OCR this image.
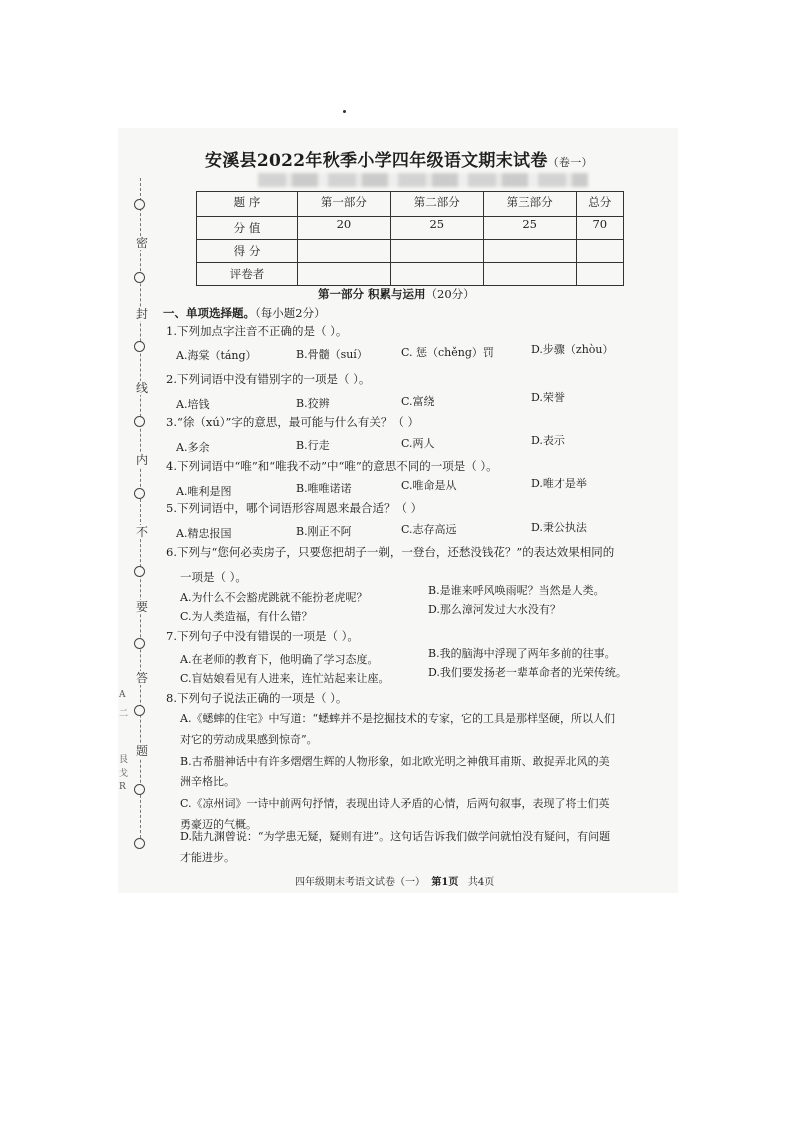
密
封
线
内
不
要
答
题
A
二
艮
戈
R
安溪县2022年秋季小学四年级语文期末试卷（卷一）
题 序	第一部分	第二部分	第三部分	总分
分 值	20	25	25	70
得 分				
评卷者				
第一部分 积累与运用（20分）
一、单项选择题。（每小题2分）
1.下列加点字注音不正确的是（ ）。
A.海棠（táng）	B.骨髓（suí）	C. 惩（chěng）罚	D.步骤（zhòu）
2.下列词语中没有错别字的一项是（ ）。
A.培钱	B.狡辨	C.富绕	D.荣誉
3.“徐（xú）”字的意思，最可能与什么有关？（ ）
A.多余	B.行走	C.两人	D.表示
4.下列词语中“唯”和“唯我不动”中“唯”的意思不同的一项是（ ）。
A.唯利是图	B.唯唯诺诺	C.唯命是从	D.唯才是举
5.下列词语中，哪个词语形容周恩来最合适？（ ）
A.精忠报国	B.刚正不阿	C.志存高远	D.秉公执法
6.下列与“您何必卖房子，只要您把胡子一剃，一登台，还愁没钱花？”的表达效果相同的
一项是（ ）。
A.为什么不会豁虎跳就不能扮老虎呢？
B.是谁来呼风唤雨呢？当然是人类。
C.为人类造福，有什么错？
D.那么漳河发过大水没有？
7.下列句子中没有错误的一项是（ ）。
A.在老师的教育下，他明确了学习态度。	B.我的脑海中浮现了两年多前的往事。
C.盲姑娘看见有人进来，连忙站起来让座。	D.我们要发扬老一辈革命者的光荣传统。
8.下列句子说法正确的一项是（ ）。
A.《蟋蟀的住宅》中写道：“蟋蟀并不是挖掘技术的专家，它的工具是那样坚硬，所以人们
对它的劳动成果感到惊奇”。
B.古希腊神话中有许多熠熠生辉的人物形象，如北欧光明之神俄耳甫斯、敢捉弄北风的美
洲辛格比。
C.《凉州词》一诗中前两句抒情，表现出诗人矛盾的心情，后两句叙事，表现了将士们英
勇豪迈的气概。
D.陆九渊曾说：“为学患无疑，疑则有进”。这句话告诉我们做学问就怕没有疑问，有问题
才能进步。
四年级期末考语文试卷（一） 第1页 共4页
